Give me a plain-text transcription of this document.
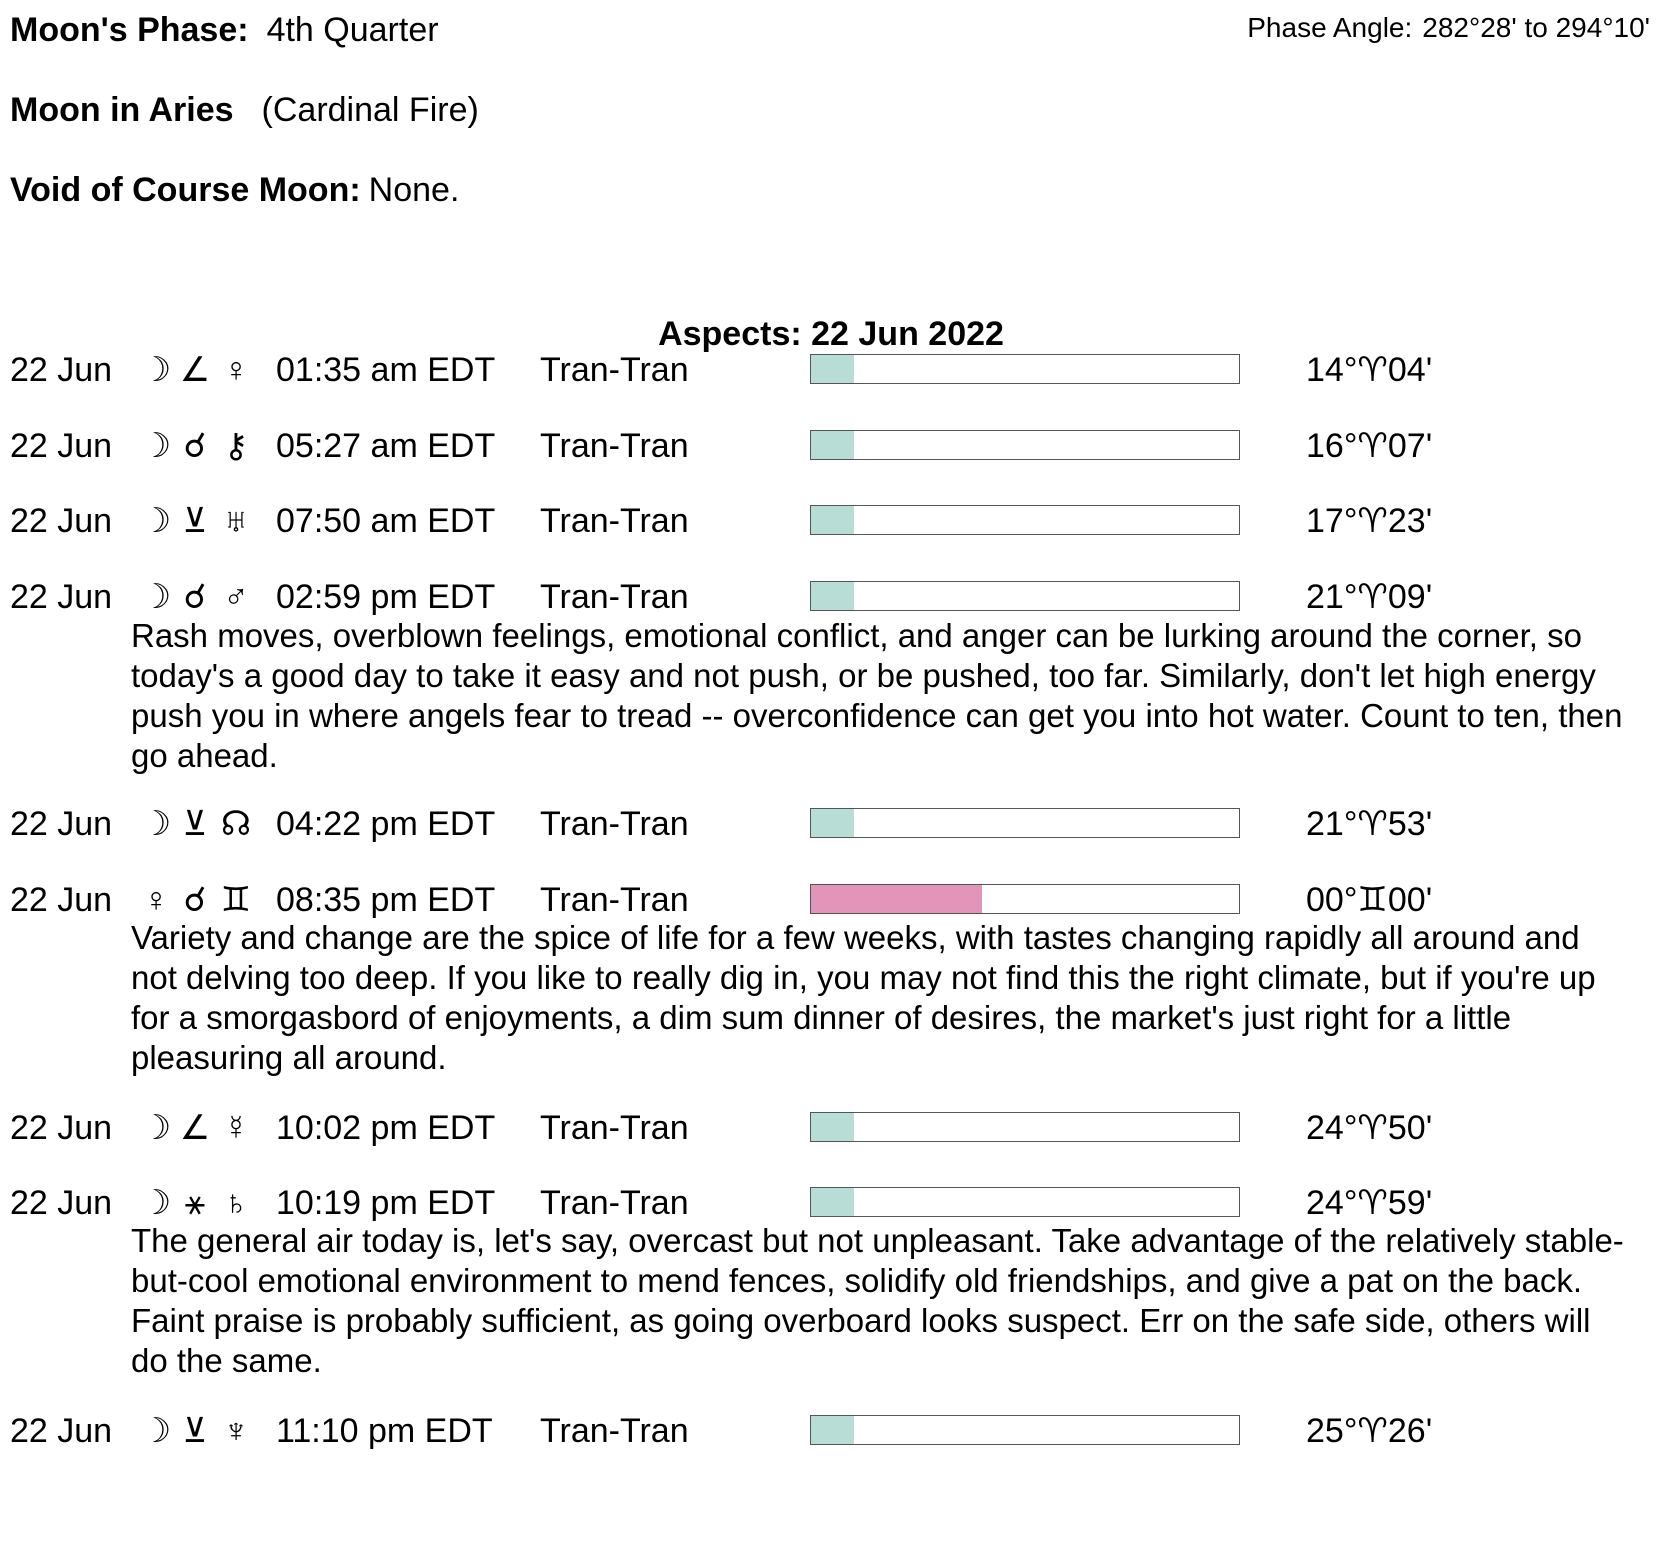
Moon's Phase: 4th Quarter	Phase Angle: 282°28' to 294°10'
Moon in Aries (Cardinal Fire)
Void of Course Moon: None.
Aspects: 22 Jun 2022
22 Jun ☽ ∠ ♀ 01:35 am EDT Tran-Tran	14°♈04'
22 Jun ☽ ☌ ⚷ 05:27 am EDT Tran-Tran	16°♈07'
22 Jun ☽ ⊻ ♅ 07:50 am EDT Tran-Tran	17°♈23'
22 Jun ☽ ☌ ♂ 02:59 pm EDT Tran-Tran	21°♈09'
Rash moves, overblown feelings, emotional conflict, and anger can be lurking around the corner, so today's a good day to take it easy and not push, or be pushed, too far. Similarly, don't let high energy push you in where angels fear to tread -- overconfidence can get you into hot water. Count to ten, then go ahead.
22 Jun ☽ ⊻ ☊ 04:22 pm EDT Tran-Tran	21°♈53'
22 Jun ♀ ☌ ♊ 08:35 pm EDT Tran-Tran	00°♊00'
Variety and change are the spice of life for a few weeks, with tastes changing rapidly all around and not delving too deep. If you like to really dig in, you may not find this the right climate, but if you're up for a smorgasbord of enjoyments, a dim sum dinner of desires, the market's just right for a little pleasuring all around.
22 Jun ☽ ∠ ☿ 10:02 pm EDT Tran-Tran	24°♈50'
22 Jun ☽ ⚹ ♄ 10:19 pm EDT Tran-Tran	24°♈59'
The general air today is, let's say, overcast but not unpleasant. Take advantage of the relatively stable-but-cool emotional environment to mend fences, solidify old friendships, and give a pat on the back. Faint praise is probably sufficient, as going overboard looks suspect. Err on the safe side, others will do the same.
22 Jun ☽ ⊻ ♆ 11:10 pm EDT Tran-Tran	25°♈26'
